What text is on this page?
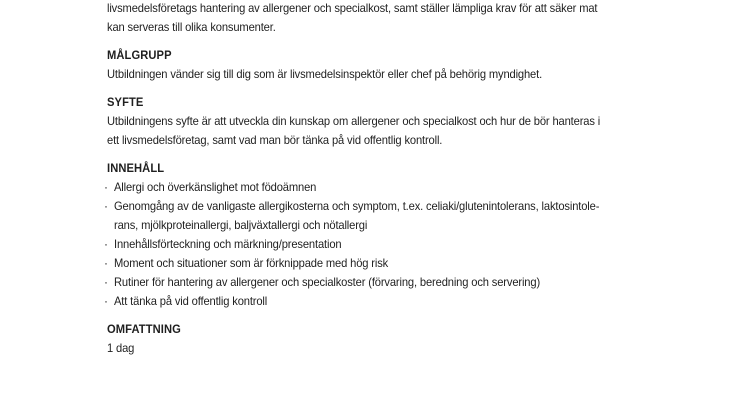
livsmedelsföretags hantering av allergener och specialkost, samt ställer lämpliga krav för att säker mat
kan serveras till olika konsumenter.
MÅLGRUPP
Utbildningen vänder sig till dig som är livsmedelsinspektör eller chef på behörig myndighet.
SYFTE
Utbildningens syfte är att utveckla din kunskap om allergener och specialkost och hur de bör hanteras i
ett livsmedelsföretag, samt vad man bör tänka på vid offentlig kontroll.
INNEHÅLL
· Allergi och överkänslighet mot födoämnen
· Genomgång av de vanligaste allergikosterna och symptom, t.ex. celiaki/glutenintolerans, laktosintole-
rans, mjölkproteinallergi, baljväxtallergi och nötallergi
· Innehållsförteckning och märkning/presentation
· Moment och situationer som är förknippade med hög risk
· Rutiner för hantering av allergener och specialkoster (förvaring, beredning och servering)
· Att tänka på vid offentlig kontroll
OMFATTNING
1 dag
